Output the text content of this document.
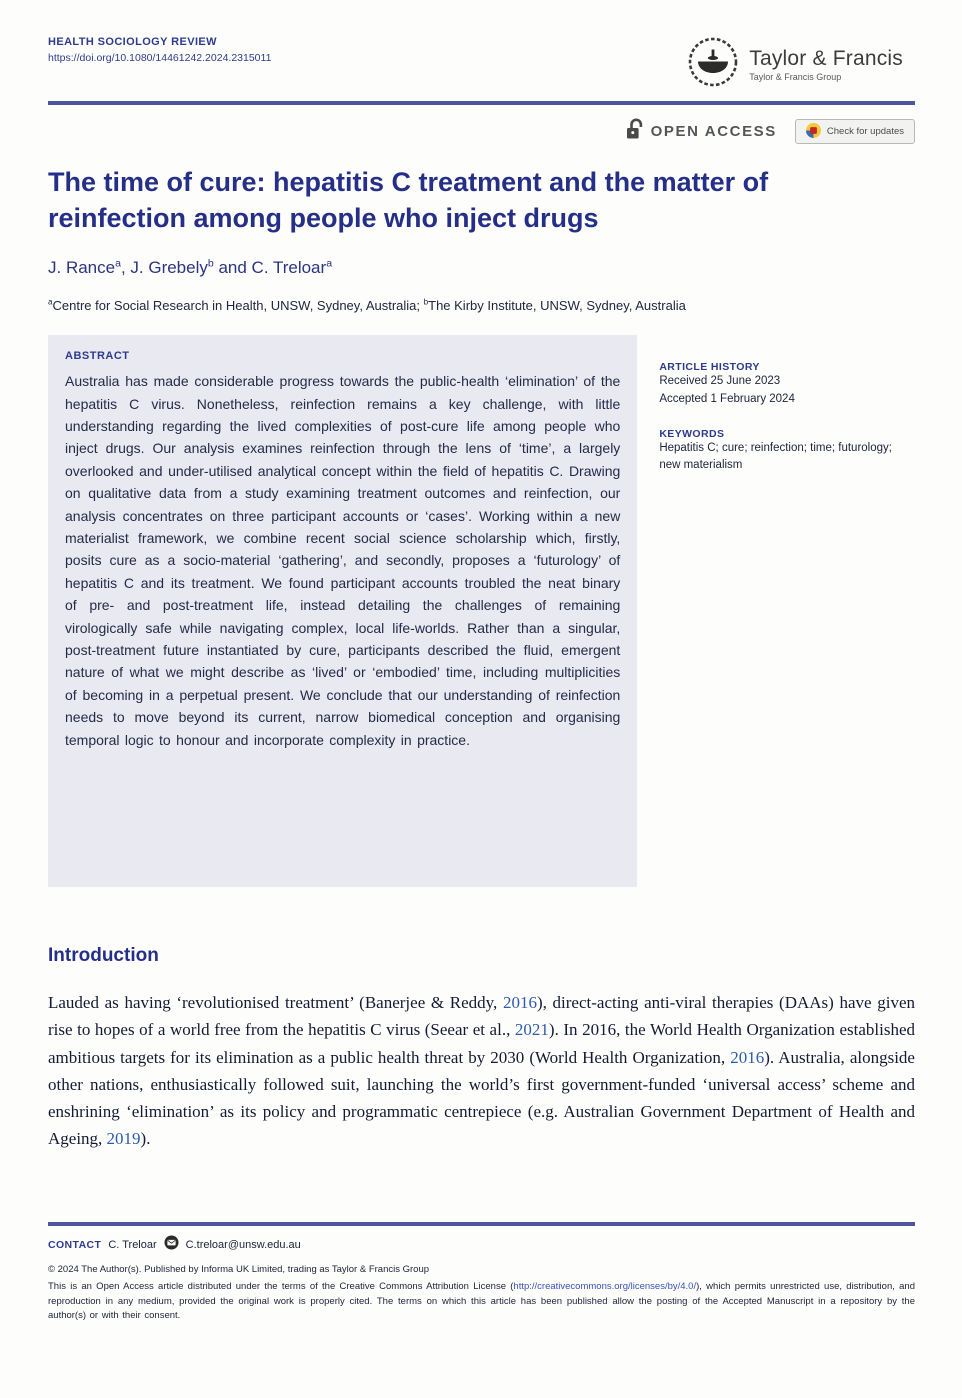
HEALTH SOCIOLOGY REVIEW
https://doi.org/10.1080/14461242.2024.2315011	Taylor & Francis
Taylor & Francis Group
OPEN ACCESS	Check for updates
The time of cure: hepatitis C treatment and the matter of reinfection among people who inject drugs
J. Rance$^a$, J. Grebely$^b$ and C. Treloar$^a$
$^a$Centre for Social Research in Health, UNSW, Sydney, Australia; $^b$The Kirby Institute, UNSW, Sydney, Australia
ABSTRACT

Australia has made considerable progress towards the public-health ‘elimination’ of the hepatitis C virus. Nonetheless, reinfection remains a key challenge, with little understanding regarding the lived complexities of post-cure life among people who inject drugs. Our analysis examines reinfection through the lens of ‘time’, a largely overlooked and under-utilised analytical concept within the field of hepatitis C. Drawing on qualitative data from a study examining treatment outcomes and reinfection, our analysis concentrates on three participant accounts or ‘cases’. Working within a new materialist framework, we combine recent social science scholarship which, firstly, posits cure as a socio-material ‘gathering’, and secondly, proposes a ‘futurology’ of hepatitis C and its treatment. We found participant accounts troubled the neat binary of pre- and post-treatment life, instead detailing the challenges of remaining virologically safe while navigating complex, local life-worlds. Rather than a singular, post-treatment future instantiated by cure, participants described the fluid, emergent nature of what we might describe as ‘lived’ or ‘embodied’ time, including multiplicities of becoming in a perpetual present. We conclude that our understanding of reinfection needs to move beyond its current, narrow biomedical conception and organising temporal logic to honour and incorporate complexity in practice.

ARTICLE HISTORY
Received 25 June 2023
Accepted 1 February 2024
KEYWORDS
Hepatitis C; cure; reinfection; time; futurology; new materialism
Introduction

Lauded as having ‘revolutionised treatment’ (Banerjee & Reddy, 2016), direct-acting anti-viral therapies (DAAs) have given rise to hopes of a world free from the hepatitis C virus (Seear et al., 2021). In 2016, the World Health Organization established ambitious targets for its elimination as a public health threat by 2030 (World Health Organization, 2016). Australia, alongside other nations, enthusiastically followed suit, launching the world’s first government-funded ‘universal access’ scheme and enshrining ‘elimination’ as its policy and programmatic centrepiece (e.g. Australian Government Department of Health and Ageing, 2019).

CONTACT C. Treloar	C.treloar@unsw.edu.au
© 2024 The Author(s). Published by Informa UK Limited, trading as Taylor & Francis Group

This is an Open Access article distributed under the terms of the Creative Commons Attribution License (http://creativecommons.org/licenses/by/4.0/), which permits unrestricted use, distribution, and reproduction in any medium, provided the original work is properly cited. The terms on which this article has been published allow the posting of the Accepted Manuscript in a repository by the author(s) or with their consent.
